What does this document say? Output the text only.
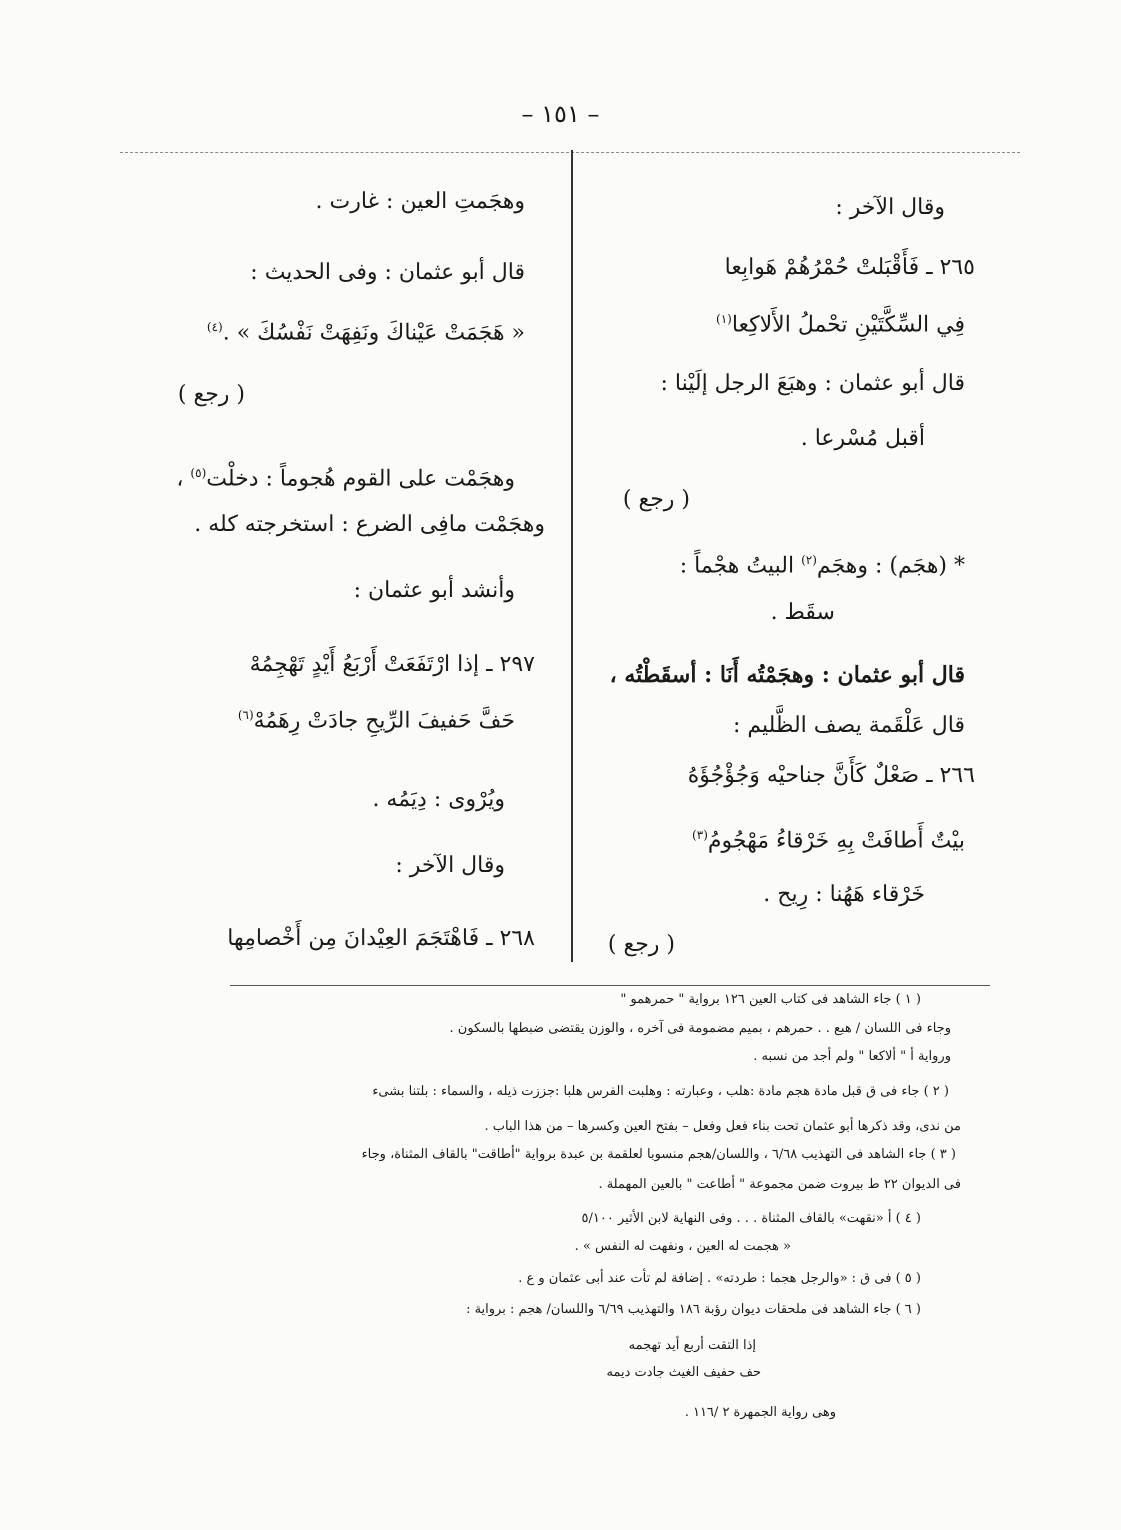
– ١٥١ –
وقال الآخر :
٢٦٥ ـ فَأَقْبَلتْ حُمْرُهُمْ هَوابِعا
فِي السِّكَّتَيْنِ تحْملُ الأَلاكِعا$^{(١)}$
قال أبو عثمان : وهبَعَ الرجل إلَيْنا :
أقبل مُسْرعا .
( رجع )
* (هجَم) : وهجَم$^{(٢)}$ البيتُ هجْماً :
سقَط .
قال أبو عثمان : وهجَمْتُه أَنَا : أسقَطْتُه ،
قال عَلْقَمة يصف الظَّليم :
٢٦٦ ـ صَعْلٌ كَأَنَّ جناحيْه وَجُؤْجُؤَهُ
بيْتٌ أَطافَتْ بِهِ خَرْقاءُ مَهْجُومُ$^{(٣)}$
خَرْقاء هَهُنا : رِيح .
( رجع )
وهجَمتِ العين : غارت .
قال أبو عثمان : وفى الحديث :
« هَجَمَتْ عَيْناكَ ونَفِهَتْ نَفْسُكَ » .$^{(٤)}$
( رجع )
وهجَمْت على القوم هُجوماً : دخلْت$^{(٥)}$ ،
وهجَمْت مافِى الضرع : استخرجته كله .
وأنشد أبو عثمان :
٢٩٧ ـ إذا ارْتَفَعَتْ أَرْبَعُ أَيْدٍ تَهْجِمُهْ
حَفَّ حَفيفَ الرِّيحِ جادَتْ رِهَمُهْ$^{(٦)}$
ويُرْوى : دِيَمُه .
وقال الآخر :
٢٦٨ ـ فَاهْتَجَمَ العِيْدانَ مِن أَخْصامِها
( ١ ) جاء الشاهد فى كتاب العين ١٢٦ برواية " حمرهمو "
وجاء فى اللسان / هبع . . حمرهم ، بميم مضمومة فى آخره ، والوزن يقتضى ضبطها بالسكون .
ورواية أ " ألاكعا " ولم أجد من نسبه .
( ٢ ) جاء فى ق قبل مادة هجم مادة :هلب ، وعبارته : وهلبت الفرس هلبا :جززت ذيله ، والسماء : بلتنا بشىء
من ندى، وقد ذكرها أبو عثمان تحت بناء فعل وفعل – بفتح العين وكسرها – من هذا الباب .
( ٣ ) جاء الشاهد فى التهذيب ٦/٦٨ ، واللسان/هجم منسوبا لعلقمة بن عبدة برواية "أطاقت" بالقاف المثناة، وجاء
فى الديوان ٢٢ ط بيروت ضمن مجموعة " أطاعت " بالعين المهملة .
( ٤ ) أ «نقهت» بالقاف المثناة . . . وفى النهاية لابن الأثير ٥/١٠٠
« هجمت له العين ، ونفهت له النفس » .
( ٥ ) فى ق : «والرجل هجما : طردته» . إضافة لم تأت عند أبى عثمان و ع .
( ٦ ) جاء الشاهد فى ملحقات ديوان رؤبة ١٨٦ والتهذيب ٦/٦٩ واللسان/ هجم : برواية :
إذا التقت أربع أيد تهجمه
حف حفيف الغيث جادت ديمه
وهى رواية الجمهرة ٢ /١١٦ .
